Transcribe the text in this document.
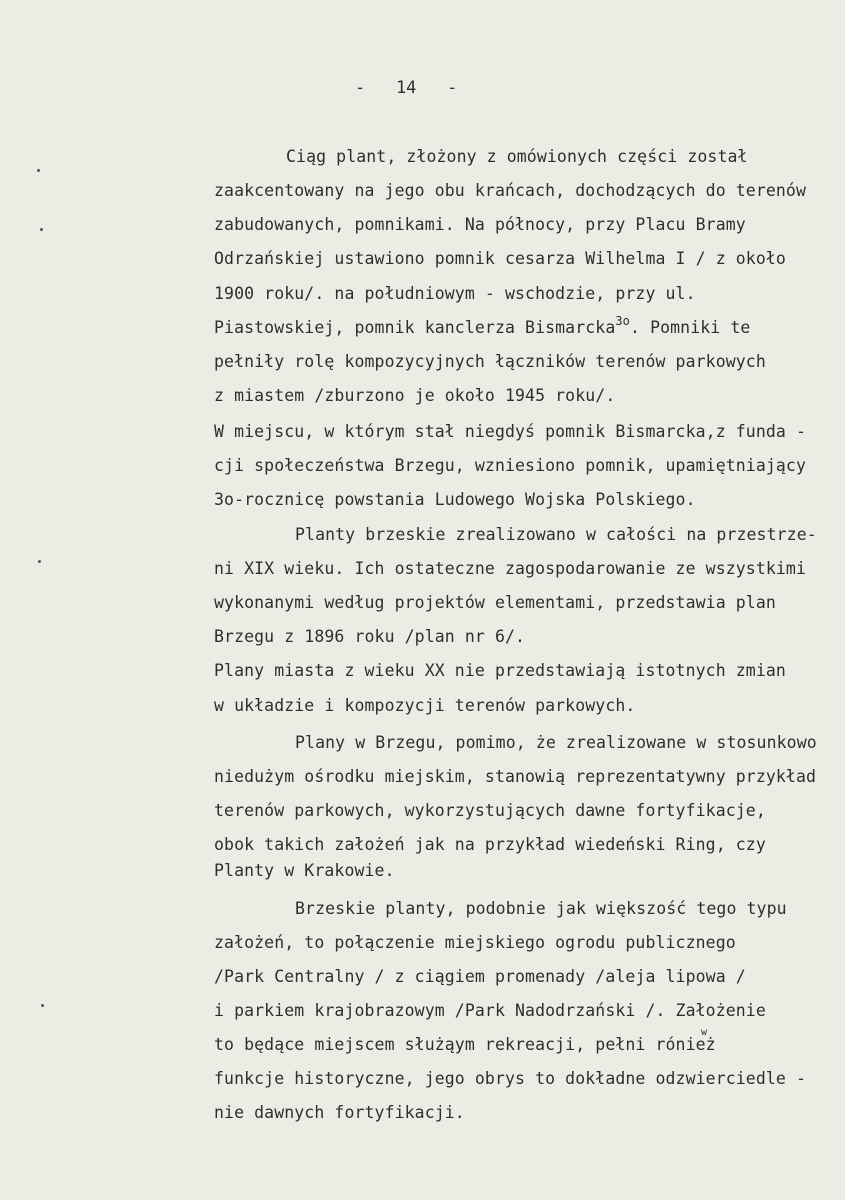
-   14   -
Ciąg plant, złożony z omówionych części został
zaakcentowany na jego obu krańcach, dochodzących do terenów
zabudowanych, pomnikami. Na północy, przy Placu Bramy
Odrzańskiej ustawiono pomnik cesarza Wilhelma I / z około
1900 roku/. na południowym - wschodzie, przy ul.
Piastowskiej, pomnik kanclerza Bismarcka$^{3o}$. Pomniki te
pełniły rolę kompozycyjnych łączników terenów parkowych
z miastem /zburzono je około 1945 roku/.
W miejscu, w którym stał niegdyś pomnik Bismarcka,z funda -
cji społeczeństwa Brzegu, wzniesiono pomnik, upamiętniający
3o-rocznicę powstania Ludowego Wojska Polskiego.
Planty brzeskie zrealizowano w całości na przestrze-
ni XIX wieku. Ich ostateczne zagospodarowanie ze wszystkimi
wykonanymi według projektów elementami, przedstawia plan
Brzegu z 1896 roku /plan nr 6/.
Plany miasta z wieku XX nie przedstawiają istotnych zmian
w układzie i kompozycji terenów parkowych.
Plany w Brzegu, pomimo, że zrealizowane w stosunkowo
niedużym ośrodku miejskim, stanowią reprezentatywny przykład
terenów parkowych, wykorzystujących dawne fortyfikacje,
obok takich założeń jak na przykład wiedeński Ring, czy
Planty w Krakowie.
Brzeskie planty, podobnie jak większość tego typu
założeń, to połączenie miejskiego ogrodu publicznego
/Park Centralny / z ciągiem promenady /aleja lipowa /
i parkiem krajobrazowym /Park Nadodrzański /. Założenie
to będące miejscem służąym rekreacji, pełni rónież
w
funkcje historyczne, jego obrys to dokładne odzwierciedle -
nie dawnych fortyfikacji.
